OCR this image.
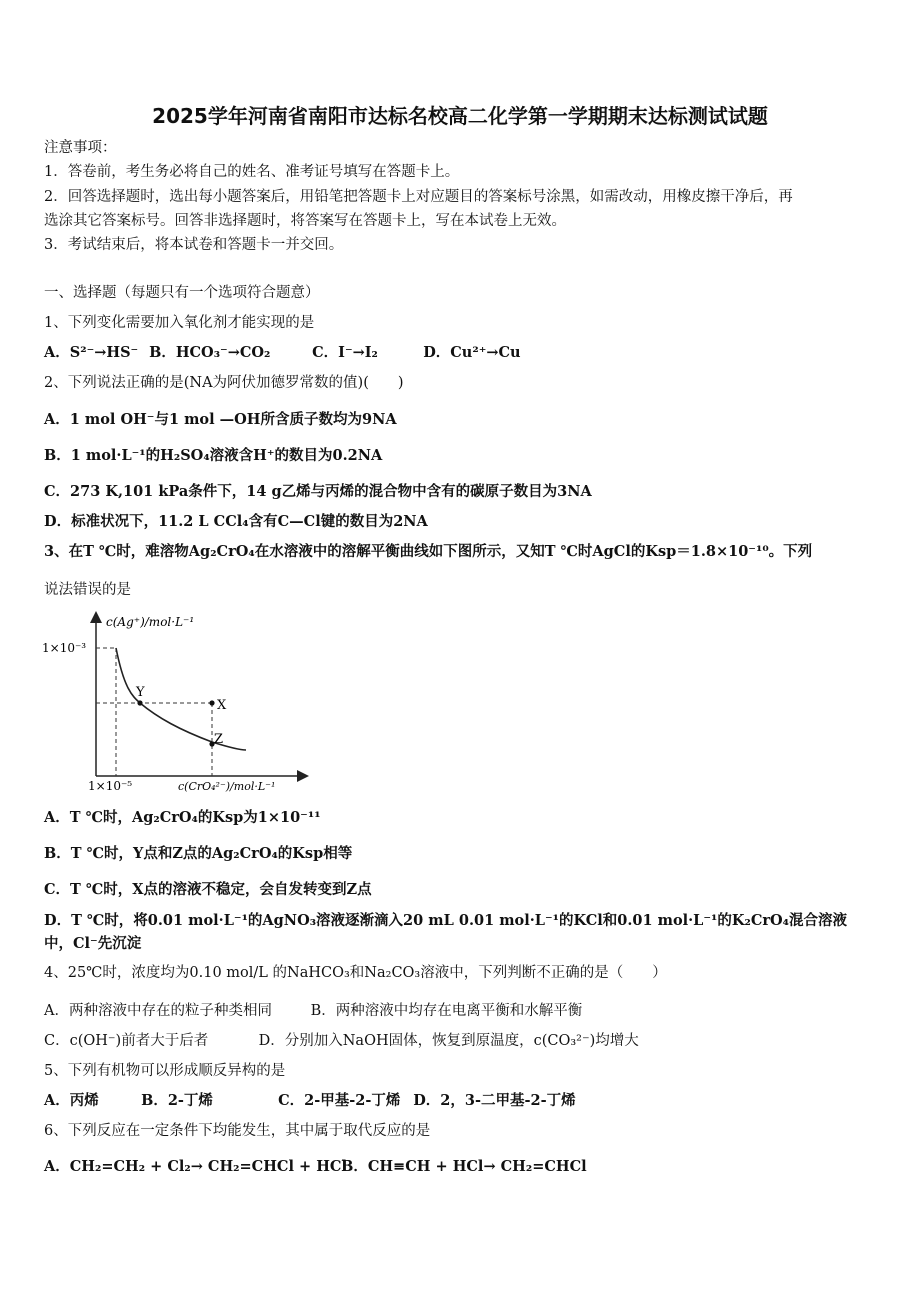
2025学年河南省南阳市达标名校高二化学第一学期期末达标测试试题
注意事项：
1．答卷前，考生务必将自己的姓名、准考证号填写在答题卡上。
2．回答选择题时，选出每小题答案后，用铅笔把答题卡上对应题目的答案标号涂黑，如需改动，用橡皮擦干净后，再
选涂其它答案标号。回答非选择题时，将答案写在答题卡上，写在本试卷上无效。
3．考试结束后，将本试卷和答题卡一并交回。
一、选择题（每题只有一个选项符合题意）
1、下列变化需要加入氧化剂才能实现的是
A．S²⁻→HS⁻ B．HCO₃⁻→CO₂	C．I⁻→I₂	D．Cu²⁺→Cu
2、下列说法正确的是(NA为阿伏加德罗常数的值)(　　)
A．1 mol OH⁻与1 mol —OH所含质子数均为9NA
B．1 mol·L⁻¹的H₂SO₄溶液含H⁺的数目为0.2NA
C．273 K,101 kPa条件下，14 g乙烯与丙烯的混合物中含有的碳原子数目为3NA
D．标准状况下，11.2 L CCl₄含有C—Cl键的数目为2NA
3、在T ℃时，难溶物Ag₂CrO₄在水溶液中的溶解平衡曲线如下图所示，又知T ℃时AgCl的Ksp＝1.8×10⁻¹⁰。下列
说法错误的是
Y
X
Z
c(Ag⁺)/mol·L⁻¹
1×10⁻³
1×10⁻⁵	c(CrO₄²⁻)/mol·L⁻¹
A．T ℃时，Ag₂CrO₄的Ksp为1×10⁻¹¹
B．T ℃时，Y点和Z点的Ag₂CrO₄的Ksp相等
C．T ℃时，X点的溶液不稳定，会自发转变到Z点
D．T ℃时，将0.01 mol·L⁻¹的AgNO₃溶液逐渐滴入20 mL 0.01 mol·L⁻¹的KCl和0.01 mol·L⁻¹的K₂CrO₄混合溶液
中，Cl⁻先沉淀
4、25℃时，浓度均为0.10 mol/L 的NaHCO₃和Na₂CO₃溶液中，下列判断不正确的是（　　）
A．两种溶液中存在的粒子种类相同	B．两种溶液中均存在电离平衡和水解平衡
C．c(OH⁻)前者大于后者	D．分别加入NaOH固体，恢复到原温度，c(CO₃²⁻)均增大
5、下列有机物可以形成顺反异构的是
A．丙烯	B．2-丁烯	C．2-甲基-2-丁烯 D．2，3-二甲基-2-丁烯
6、下列反应在一定条件下均能发生，其中属于取代反应的是
A．CH₂=CH₂ + Cl₂→ CH₂=CHCl + HCl B．CH≡CH + HCl→ CH₂=CHCl
